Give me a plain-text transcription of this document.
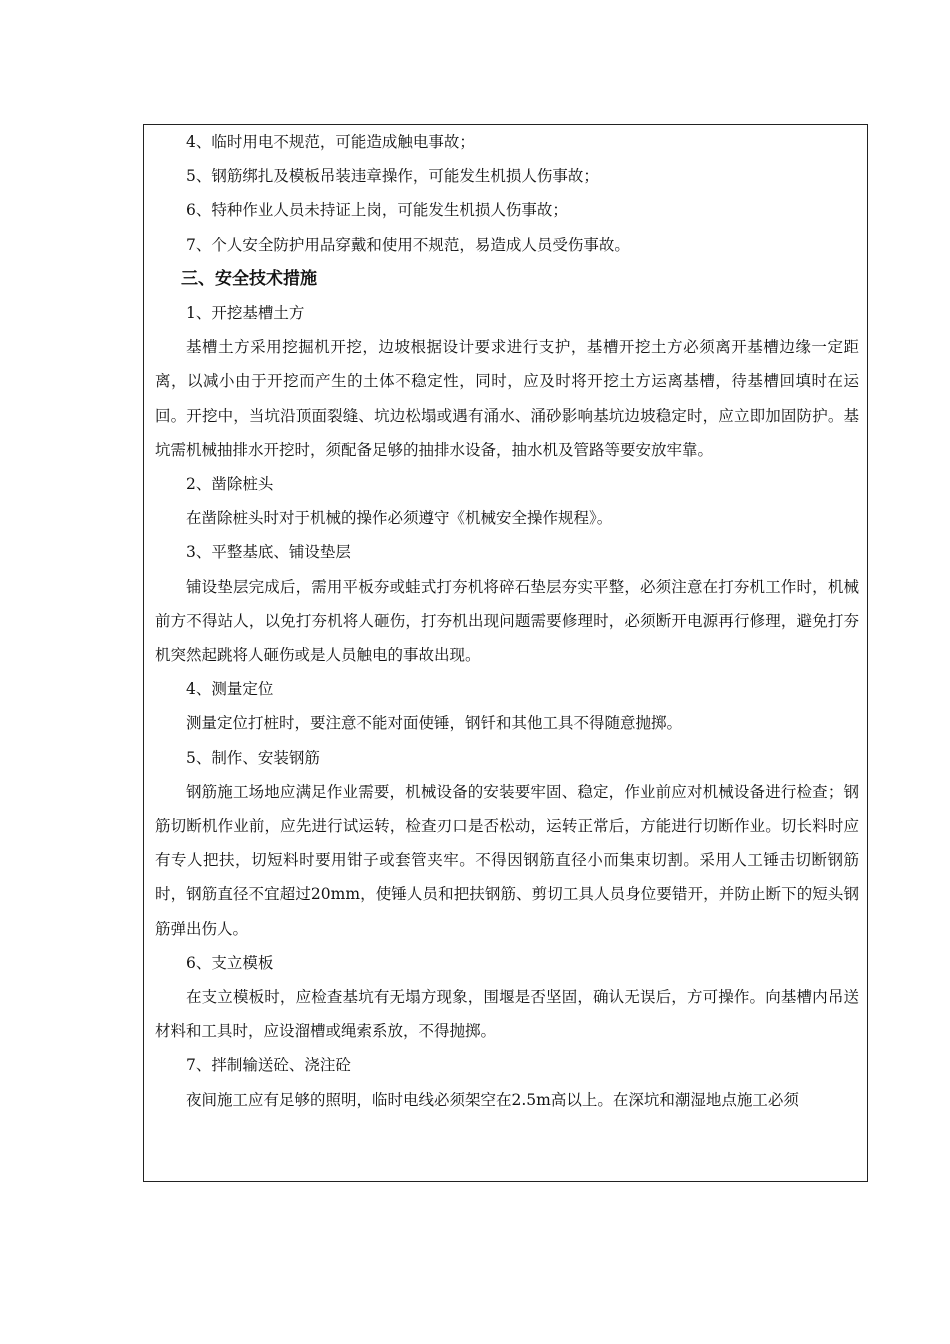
4、临时用电不规范，可能造成触电事故；

5、钢筋绑扎及模板吊装违章操作，可能发生机损人伤事故；

6、特种作业人员未持证上岗，可能发生机损人伤事故；

7、个人安全防护用品穿戴和使用不规范，易造成人员受伤事故。

三、安全技术措施

1、开挖基槽土方

基槽土方采用挖掘机开挖，边坡根据设计要求进行支护，基槽开挖土方必须离开基槽边缘一定距离，以减小由于开挖而产生的土体不稳定性，同时，应及时将开挖土方运离基槽，待基槽回填时在运回。开挖中，当坑沿顶面裂缝、坑边松塌或遇有涌水、涌砂影响基坑边坡稳定时，应立即加固防护。基坑需机械抽排水开挖时，须配备足够的抽排水设备，抽水机及管路等要安放牢靠。

2、凿除桩头

在凿除桩头时对于机械的操作必须遵守《机械安全操作规程》。

3、平整基底、铺设垫层

铺设垫层完成后，需用平板夯或蛙式打夯机将碎石垫层夯实平整，必须注意在打夯机工作时，机械前方不得站人，以免打夯机将人砸伤，打夯机出现问题需要修理时，必须断开电源再行修理，避免打夯机突然起跳将人砸伤或是人员触电的事故出现。

4、测量定位

测量定位打桩时，要注意不能对面使锤，钢钎和其他工具不得随意抛掷。

5、制作、安装钢筋

钢筋施工场地应满足作业需要，机械设备的安装要牢固、稳定，作业前应对机械设备进行检查；钢筋切断机作业前，应先进行试运转，检查刃口是否松动，运转正常后，方能进行切断作业。切长料时应有专人把扶，切短料时要用钳子或套管夹牢。不得因钢筋直径小而集束切割。采用人工锤击切断钢筋时，钢筋直径不宜超过20mm，使锤人员和把扶钢筋、剪切工具人员身位要错开，并防止断下的短头钢筋弹出伤人。

6、支立模板

在支立模板时，应检查基坑有无塌方现象，围堰是否坚固，确认无误后，方可操作。向基槽内吊送材料和工具时，应设溜槽或绳索系放，不得抛掷。

7、拌制输送砼、浇注砼

夜间施工应有足够的照明，临时电线必须架空在2.5m高以上。在深坑和潮湿地点施工必须
